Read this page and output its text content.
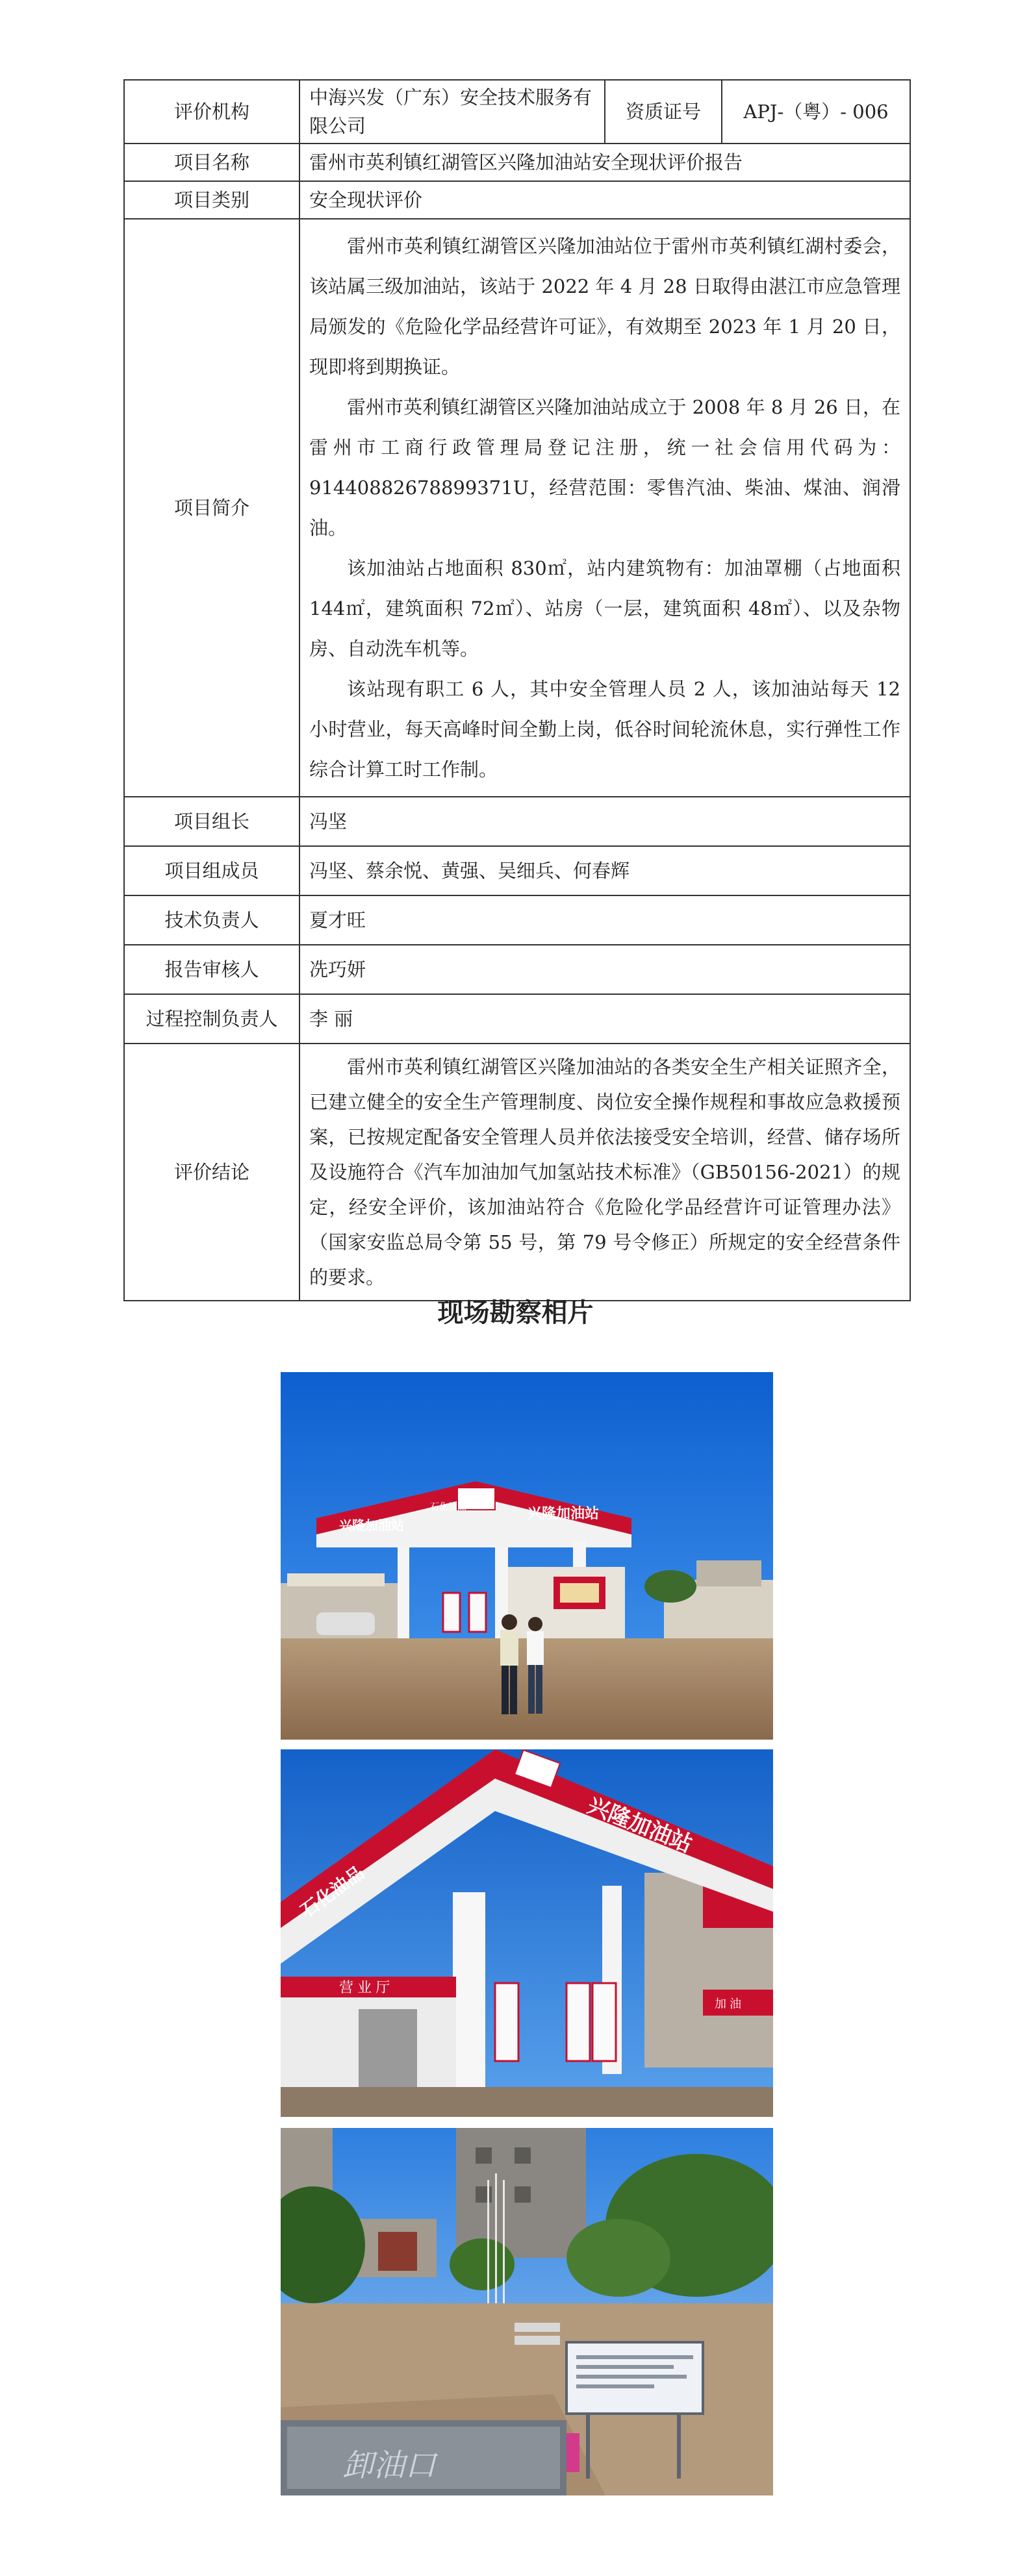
评价机构	中海兴发（广东）安全技术服务有限公司	资质证号	APJ-（粤）- 006
项目名称	雷州市英利镇红湖管区兴隆加油站安全现状评价报告		
项目类别	安全现状评价		
项目简介	雷州市英利镇红湖管区兴隆加油站位于雷州市英利镇红湖村委会，该站属三级加油站，该站于 2022 年 4 月 28 日取得由湛江市应急管理局颁发的《危险化学品经营许可证》，有效期至 2023 年 1 月 20 日，现即将到期换证。

雷州市英利镇红湖管区兴隆加油站成立于 2008 年 8 月 26 日，在雷州市工商行政管理局登记注册，统一社会信用代码为：91440882678899371U，经营范围：零售汽油、柴油、煤油、润滑油。

该加油站占地面积 830㎡，站内建筑物有：加油罩棚（占地面积 144㎡，建筑面积 72㎡）、站房（一层，建筑面积 48㎡）、以及杂物房、自动洗车机等。

该站现有职工 6 人，其中安全管理人员 2 人，该加油站每天 12 小时营业，每天高峰时间全勤上岗，低谷时间轮流休息，实行弹性工作综合计算工时工作制。		

项目组长	冯坚		
项目组成员	冯坚、蔡余悦、黄强、吴细兵、何春辉		
技术负责人	夏才旺		
报告审核人	冼巧妍		
过程控制负责人	李 丽		
评价结论	雷州市英利镇红湖管区兴隆加油站的各类安全生产相关证照齐全，已建立健全的安全生产管理制度、岗位安全操作规程和事故应急救援预案，已按规定配备安全管理人员并依法接受安全培训，经营、储存场所及设施符合《汽车加油加气加氢站技术标准》（GB50156-2021）的规定，经安全评价，该加油站符合《危险化学品经营许可证管理办法》（国家安监总局令第 55 号，第 79 号令修正）所规定的安全经营条件的要求。		
现场勘察相片
兴隆加油站
兴隆加油站
石化油品
加 油
石化油品
兴隆加油站
营 业 厅
卸油口
